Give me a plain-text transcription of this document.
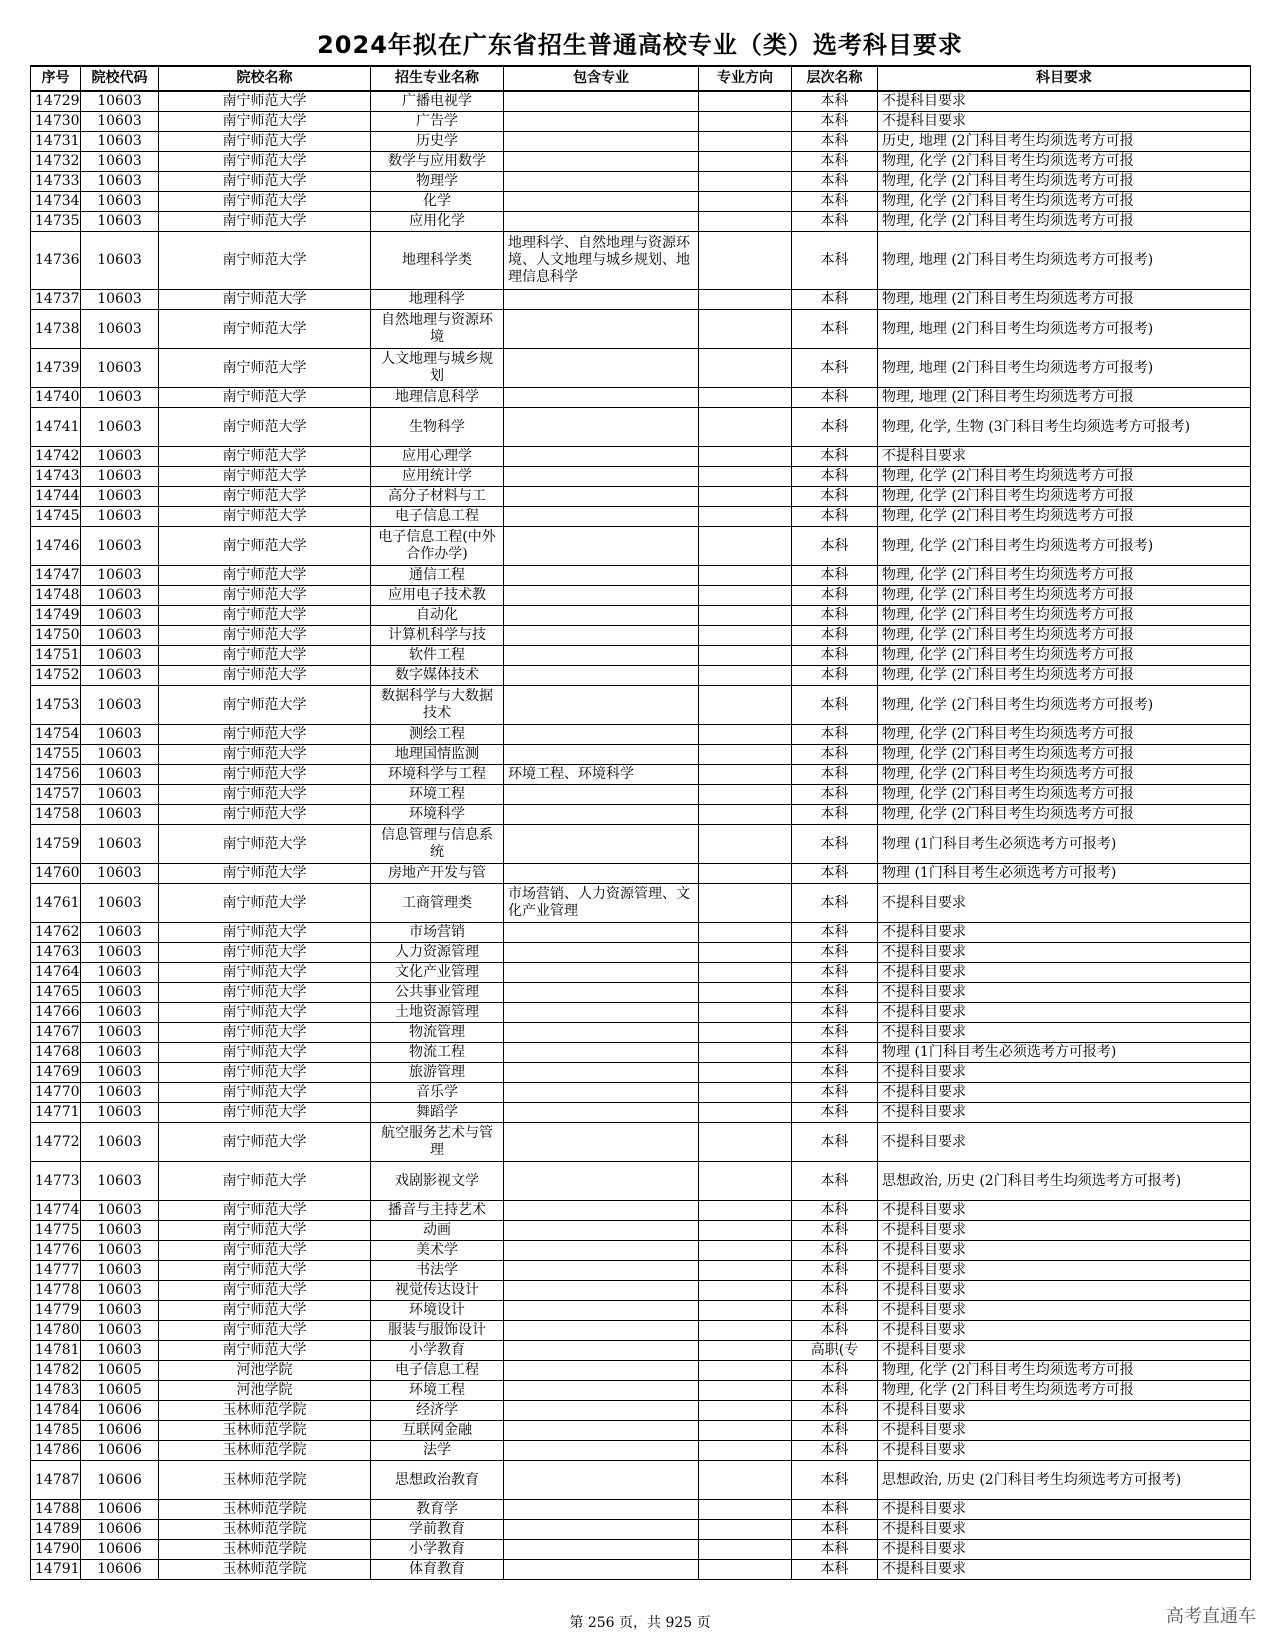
2024年拟在广东省招生普通高校专业（类）选考科目要求
序号	院校代码	院校名称	招生专业名称	包含专业	专业方向	层次名称	科目要求
14729	10603	南宁师范大学	广播电视学			本科	不提科目要求
14730	10603	南宁师范大学	广告学			本科	不提科目要求
14731	10603	南宁师范大学	历史学			本科	历史, 地理 (2门科目考生均须选考方可报
14732	10603	南宁师范大学	数学与应用数学			本科	物理, 化学 (2门科目考生均须选考方可报
14733	10603	南宁师范大学	物理学			本科	物理, 化学 (2门科目考生均须选考方可报
14734	10603	南宁师范大学	化学			本科	物理, 化学 (2门科目考生均须选考方可报
14735	10603	南宁师范大学	应用化学			本科	物理, 化学 (2门科目考生均须选考方可报
14736	10603	南宁师范大学	地理科学类	地理科学、自然地理与资源环境、人文地理与城乡规划、地理信息科学		本科	物理, 地理 (2门科目考生均须选考方可报考)
14737	10603	南宁师范大学	地理科学			本科	物理, 地理 (2门科目考生均须选考方可报
14738	10603	南宁师范大学	自然地理与资源环境			本科	物理, 地理 (2门科目考生均须选考方可报考)
14739	10603	南宁师范大学	人文地理与城乡规划			本科	物理, 地理 (2门科目考生均须选考方可报考)
14740	10603	南宁师范大学	地理信息科学			本科	物理, 地理 (2门科目考生均须选考方可报
14741	10603	南宁师范大学	生物科学			本科	物理, 化学, 生物 (3门科目考生均须选考方可报考)
14742	10603	南宁师范大学	应用心理学			本科	不提科目要求
14743	10603	南宁师范大学	应用统计学			本科	物理, 化学 (2门科目考生均须选考方可报
14744	10603	南宁师范大学	高分子材料与工			本科	物理, 化学 (2门科目考生均须选考方可报
14745	10603	南宁师范大学	电子信息工程			本科	物理, 化学 (2门科目考生均须选考方可报
14746	10603	南宁师范大学	电子信息工程(中外合作办学)			本科	物理, 化学 (2门科目考生均须选考方可报考)
14747	10603	南宁师范大学	通信工程			本科	物理, 化学 (2门科目考生均须选考方可报
14748	10603	南宁师范大学	应用电子技术教			本科	物理, 化学 (2门科目考生均须选考方可报
14749	10603	南宁师范大学	自动化			本科	物理, 化学 (2门科目考生均须选考方可报
14750	10603	南宁师范大学	计算机科学与技			本科	物理, 化学 (2门科目考生均须选考方可报
14751	10603	南宁师范大学	软件工程			本科	物理, 化学 (2门科目考生均须选考方可报
14752	10603	南宁师范大学	数字媒体技术			本科	物理, 化学 (2门科目考生均须选考方可报
14753	10603	南宁师范大学	数据科学与大数据技术			本科	物理, 化学 (2门科目考生均须选考方可报考)
14754	10603	南宁师范大学	测绘工程			本科	物理, 化学 (2门科目考生均须选考方可报
14755	10603	南宁师范大学	地理国情监测			本科	物理, 化学 (2门科目考生均须选考方可报
14756	10603	南宁师范大学	环境科学与工程	环境工程、环境科学		本科	物理, 化学 (2门科目考生均须选考方可报
14757	10603	南宁师范大学	环境工程			本科	物理, 化学 (2门科目考生均须选考方可报
14758	10603	南宁师范大学	环境科学			本科	物理, 化学 (2门科目考生均须选考方可报
14759	10603	南宁师范大学	信息管理与信息系统			本科	物理 (1门科目考生必须选考方可报考)
14760	10603	南宁师范大学	房地产开发与管			本科	物理 (1门科目考生必须选考方可报考)
14761	10603	南宁师范大学	工商管理类	市场营销、人力资源管理、文化产业管理		本科	不提科目要求
14762	10603	南宁师范大学	市场营销			本科	不提科目要求
14763	10603	南宁师范大学	人力资源管理			本科	不提科目要求
14764	10603	南宁师范大学	文化产业管理			本科	不提科目要求
14765	10603	南宁师范大学	公共事业管理			本科	不提科目要求
14766	10603	南宁师范大学	土地资源管理			本科	不提科目要求
14767	10603	南宁师范大学	物流管理			本科	不提科目要求
14768	10603	南宁师范大学	物流工程			本科	物理 (1门科目考生必须选考方可报考)
14769	10603	南宁师范大学	旅游管理			本科	不提科目要求
14770	10603	南宁师范大学	音乐学			本科	不提科目要求
14771	10603	南宁师范大学	舞蹈学			本科	不提科目要求
14772	10603	南宁师范大学	航空服务艺术与管理			本科	不提科目要求
14773	10603	南宁师范大学	戏剧影视文学			本科	思想政治, 历史 (2门科目考生均须选考方可报考)
14774	10603	南宁师范大学	播音与主持艺术			本科	不提科目要求
14775	10603	南宁师范大学	动画			本科	不提科目要求
14776	10603	南宁师范大学	美术学			本科	不提科目要求
14777	10603	南宁师范大学	书法学			本科	不提科目要求
14778	10603	南宁师范大学	视觉传达设计			本科	不提科目要求
14779	10603	南宁师范大学	环境设计			本科	不提科目要求
14780	10603	南宁师范大学	服装与服饰设计			本科	不提科目要求
14781	10603	南宁师范大学	小学教育			高职(专	不提科目要求
14782	10605	河池学院	电子信息工程			本科	物理, 化学 (2门科目考生均须选考方可报
14783	10605	河池学院	环境工程			本科	物理, 化学 (2门科目考生均须选考方可报
14784	10606	玉林师范学院	经济学			本科	不提科目要求
14785	10606	玉林师范学院	互联网金融			本科	不提科目要求
14786	10606	玉林师范学院	法学			本科	不提科目要求
14787	10606	玉林师范学院	思想政治教育			本科	思想政治, 历史 (2门科目考生均须选考方可报考)
14788	10606	玉林师范学院	教育学			本科	不提科目要求
14789	10606	玉林师范学院	学前教育			本科	不提科目要求
14790	10606	玉林师范学院	小学教育			本科	不提科目要求
14791	10606	玉林师范学院	体育教育			本科	不提科目要求
第 256 页，共 925 页	高考直通车
